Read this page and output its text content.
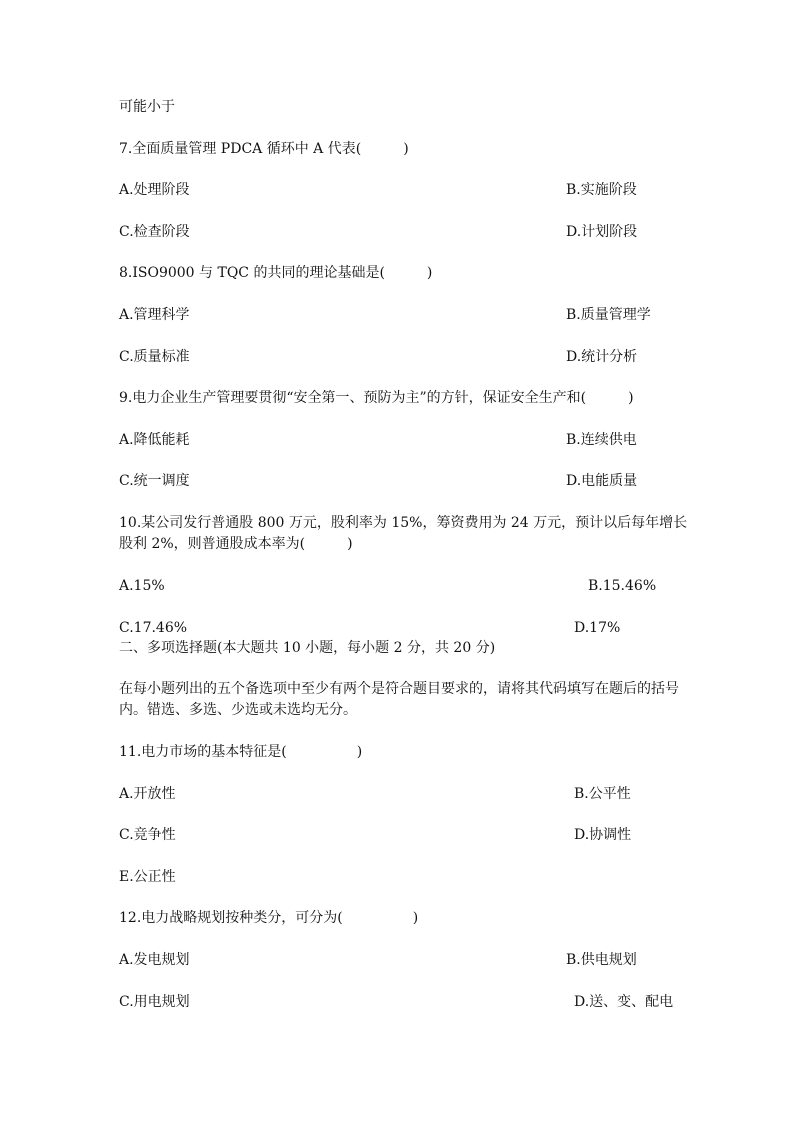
可能小于
7.全面质量管理 PDCA 循环中 A 代表(　　　)
A.处理阶段	B.实施阶段
C.检查阶段	D.计划阶段
8.ISO9000 与 TQC 的共同的理论基础是(　　　)
A.管理科学	B.质量管理学
C.质量标准	D.统计分析
9.电力企业生产管理要贯彻“安全第一、预防为主”的方针，保证安全生产和(　　　)
A.降低能耗	B.连续供电
C.统一调度	D.电能质量
10.某公司发行普通股 800 万元，股利率为 15%，筹资费用为 24 万元，预计以后每年增长
股利 2%，则普通股成本率为(　　　)
A.15%	B.15.46%
C.17.46%	D.17%
二、多项选择题(本大题共 10 小题，每小题 2 分，共 20 分)
在每小题列出的五个备选项中至少有两个是符合题目要求的，请将其代码填写在题后的括号内。错选、多选、少选或未选均无分。
11.电力市场的基本特征是(　　　　　)
A.开放性	B.公平性
C.竞争性	D.协调性
E.公正性
12.电力战略规划按种类分，可分为(　　　　　)
A.发电规划	B.供电规划
C.用电规划	D.送、变、配电
